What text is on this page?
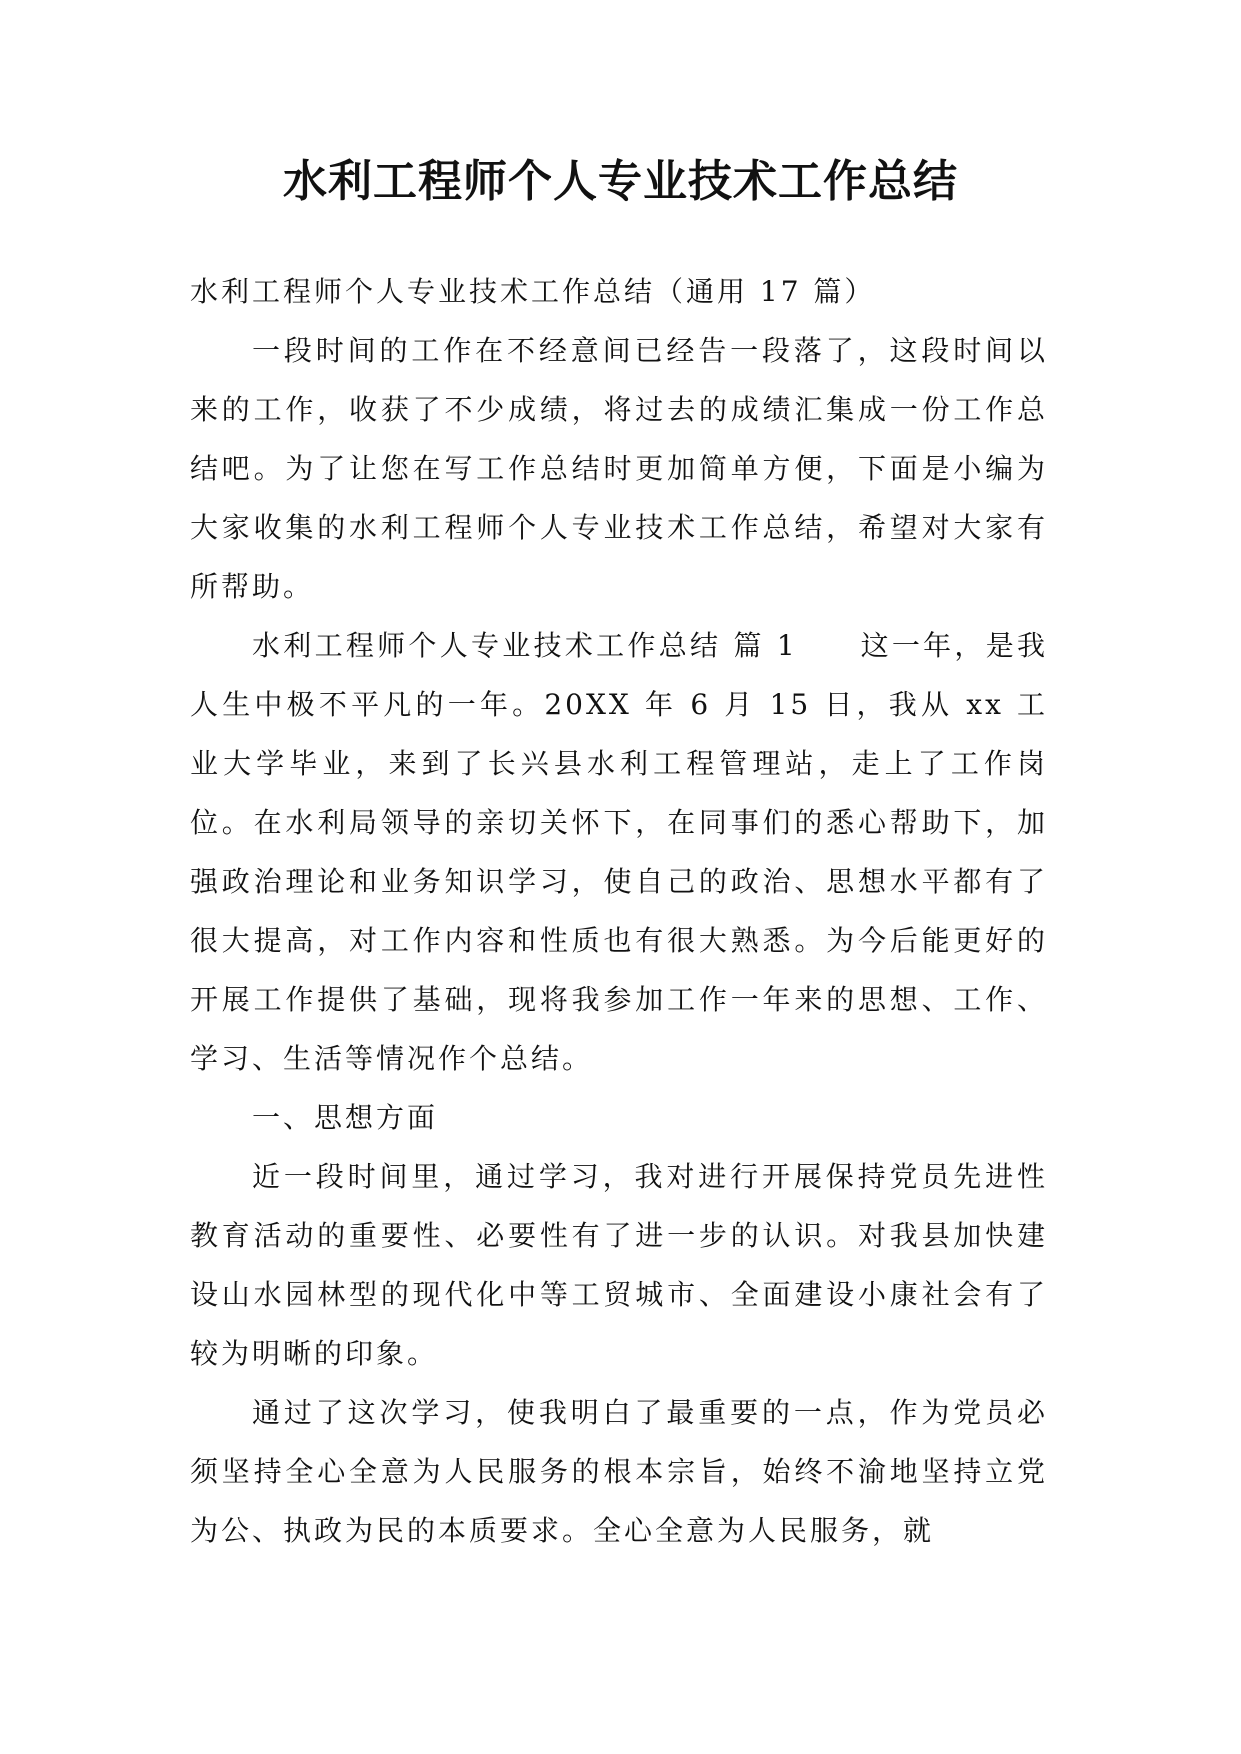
水利工程师个人专业技术工作总结

水利工程师个人专业技术工作总结（通用 17 篇）

一段时间的工作在不经意间已经告一段落了，这段时间以来的工作，收获了不少成绩，将过去的成绩汇集成一份工作总结吧。为了让您在写工作总结时更加简单方便，下面是小编为大家收集的水利工程师个人专业技术工作总结，希望对大家有所帮助。

水利工程师个人专业技术工作总结 篇 1　　这一年，是我人生中极不平凡的一年。20XX 年 6 月 15 日，我从 xx 工业大学毕业，来到了长兴县水利工程管理站，走上了工作岗位。在水利局领导的亲切关怀下，在同事们的悉心帮助下，加强政治理论和业务知识学习，使自己的政治、思想水平都有了很大提高，对工作内容和性质也有很大熟悉。为今后能更好的开展工作提供了基础，现将我参加工作一年来的思想、工作、学习、生活等情况作个总结。

一、思想方面

近一段时间里，通过学习，我对进行开展保持党员先进性教育活动的重要性、必要性有了进一步的认识。对我县加快建设山水园林型的现代化中等工贸城市、全面建设小康社会有了较为明晰的印象。

通过了这次学习，使我明白了最重要的一点，作为党员必须坚持全心全意为人民服务的根本宗旨，始终不渝地坚持立党为公、执政为民的本质要求。全心全意为人民服务，就
